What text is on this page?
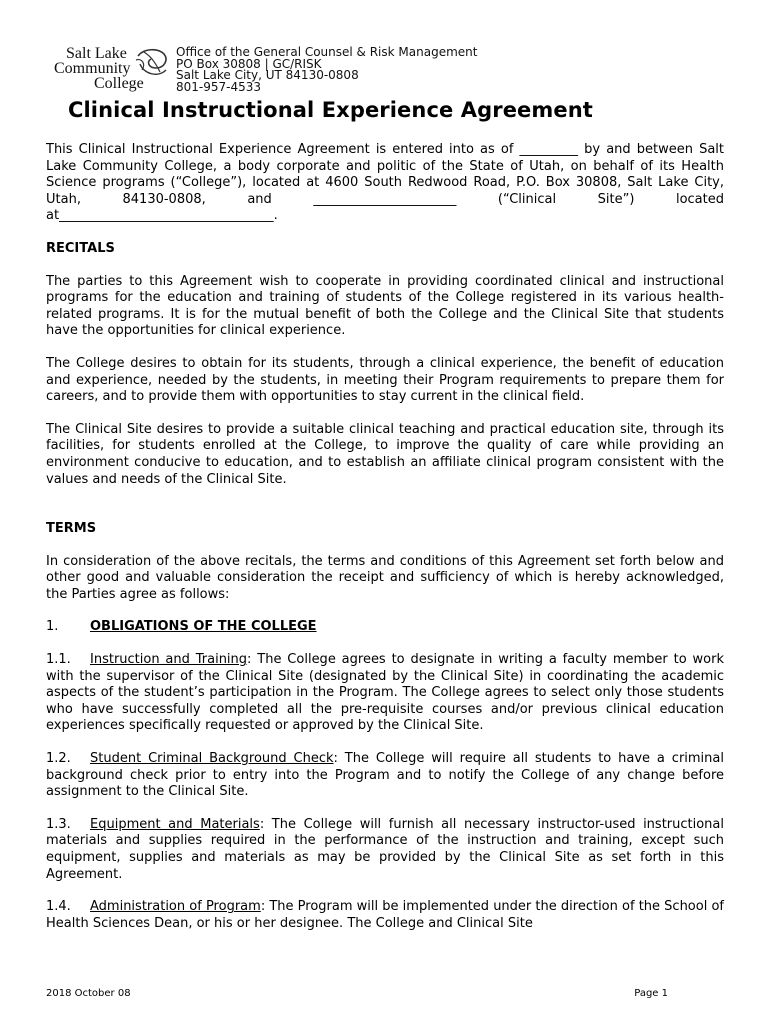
Salt Lake
Community
College
Office of the General Counsel & Risk Management
PO Box 30808 | GC/RISK
Salt Lake City, UT 84130-0808
801-957-4533
Clinical Instructional Experience Agreement

This Clinical Instructional Experience Agreement is entered into as of _________ by and between Salt Lake Community College, a body corporate and politic of the State of Utah, on behalf of its Health Science programs (“College”), located at 4600 South Redwood Road, P.O. Box 30808, Salt Lake City, Utah, 84130-0808, and ______________________ (“Clinical Site”) located at_________________________________.

RECITALS

The parties to this Agreement wish to cooperate in providing coordinated clinical and instructional programs for the education and training of students of the College registered in its various health-related programs. It is for the mutual benefit of both the College and the Clinical Site that students have the opportunities for clinical experience.

The College desires to obtain for its students, through a clinical experience, the benefit of education and experience, needed by the students, in meeting their Program requirements to prepare them for careers, and to provide them with opportunities to stay current in the clinical field.

The Clinical Site desires to provide a suitable clinical teaching and practical education site, through its facilities, for students enrolled at the College, to improve the quality of care while providing an environment conducive to education, and to establish an affiliate clinical program consistent with the values and needs of the Clinical Site.

TERMS

In consideration of the above recitals, the terms and conditions of this Agreement set forth below and other good and valuable consideration the receipt and sufficiency of which is hereby acknowledged, the Parties agree as follows:

1. OBLIGATIONS OF THE COLLEGE

1.1. Instruction and Training: The College agrees to designate in writing a faculty member to work with the supervisor of the Clinical Site (designated by the Clinical Site) in coordinating the academic aspects of the student’s participation in the Program. The College agrees to select only those students who have successfully completed all the pre-requisite courses and/or previous clinical education experiences specifically requested or approved by the Clinical Site.

1.2. Student Criminal Background Check: The College will require all students to have a criminal background check prior to entry into the Program and to notify the College of any change before assignment to the Clinical Site.

1.3. Equipment and Materials: The College will furnish all necessary instructor-used instructional materials and supplies required in the performance of the instruction and training, except such equipment, supplies and materials as may be provided by the Clinical Site as set forth in this Agreement.

1.4. Administration of Program: The Program will be implemented under the direction of the School of Health Sciences Dean, or his or her designee. The College and Clinical Site

2018 October 08	Page 1
